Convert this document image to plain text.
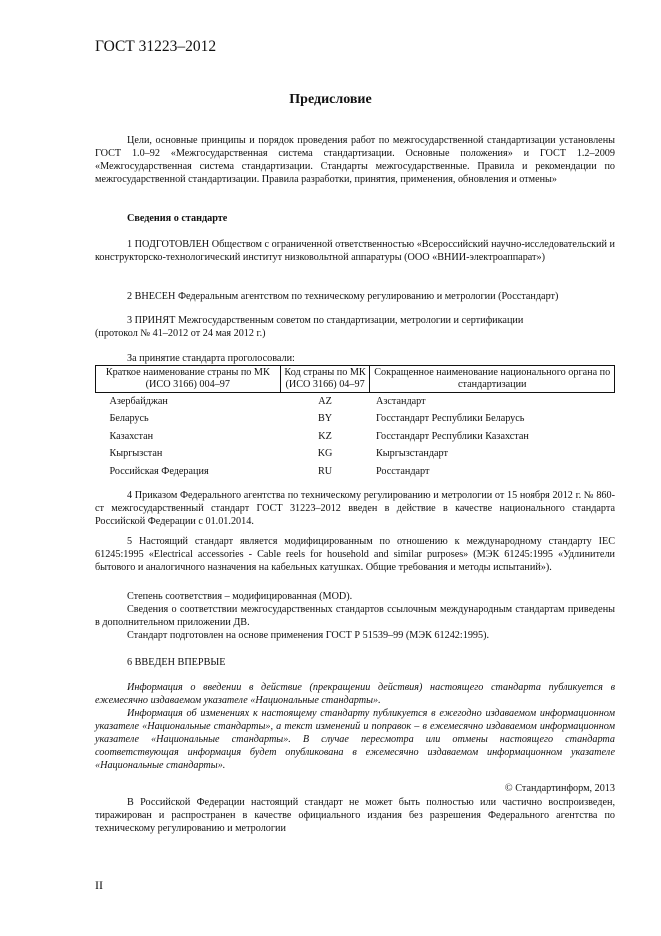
ГОСТ 31223–2012
Предисловие

Цели, основные принципы и порядок проведения работ по межгосударственной стандартизации установлены ГОСТ 1.0–92 «Межгосударственная система стандартизации. Основные положения» и ГОСТ 1.2–2009 «Межгосударственная система стандартизации. Стандарты межгосударственные. Правила и рекомендации по межгосударственной стандартизации. Правила разработки, принятия, применения, обновления и отмены»

Сведения о стандарте

1 ПОДГОТОВЛЕН Обществом с ограниченной ответственностью «Всероссийский научно-исследовательский и конструкторско-технологический институт низковольтной аппаратуры (ООО «ВНИИ-электроаппарат»)

2 ВНЕСЕН Федеральным агентством по техническому регулированию и метрологии (Росстандарт)

3 ПРИНЯТ Межгосударственным советом по стандартизации, метрологии и сертификации
(протокол № 41–2012 от 24 мая 2012 г.)

За принятие стандарта проголосовали:

Краткое наименование страны по МК (ИСО 3166) 004–97	Код страны по МК (ИСО 3166) 04–97	Сокращенное наименование национального органа по стандартизации
Азербайджан	AZ	Азстандарт
Беларусь	BY	Госстандарт Республики Беларусь
Казахстан	KZ	Госстандарт Республики Казахстан
Кыргызстан	KG	Кыргызстандарт
Российская Федерация	RU	Росстандарт

4 Приказом Федерального агентства по техническому регулированию и метрологии от 15 ноября 2012 г. № 860-ст межгосударственный стандарт ГОСТ 31223–2012 введен в действие в качестве национального стандарта Российской Федерации с 01.01.2014.

5 Настоящий стандарт является модифицированным по отношению к международному стандарту IEC 61245:1995 «Electrical accessories - Cable reels for household and similar purposes» (МЭК 61245:1995 «Удлинители бытового и аналогичного назначения на кабельных катушках. Общие требования и методы испытаний»).

Степень соответствия – модифицированная (MOD).

Сведения о соответствии межгосударственных стандартов ссылочным международным стандартам приведены в дополнительном приложении ДВ.

Стандарт подготовлен на основе применения ГОСТ Р 51539–99 (МЭК 61242:1995).

6 ВВЕДЕН ВПЕРВЫЕ

Информация о введении в действие (прекращении действия) настоящего стандарта публикуется в ежемесячно издаваемом указателе «Национальные стандарты».

Информация об изменениях к настоящему стандарту публикуется в ежегодно издаваемом информационном указателе «Национальные стандарты», а текст изменений и поправок – в ежемесячно издаваемом информационном указателе «Национальные стандарты». В случае пересмотра или отмены настоящего стандарта соответствующая информация будет опубликована в ежемесячно издаваемом информационном указателе «Национальные стандарты».

© Стандартинформ, 2013

В Российской Федерации настоящий стандарт не может быть полностью или частично воспроизведен, тиражирован и распространен в качестве официального издания без разрешения Федерального агентства по техническому регулированию и метрологии

II
